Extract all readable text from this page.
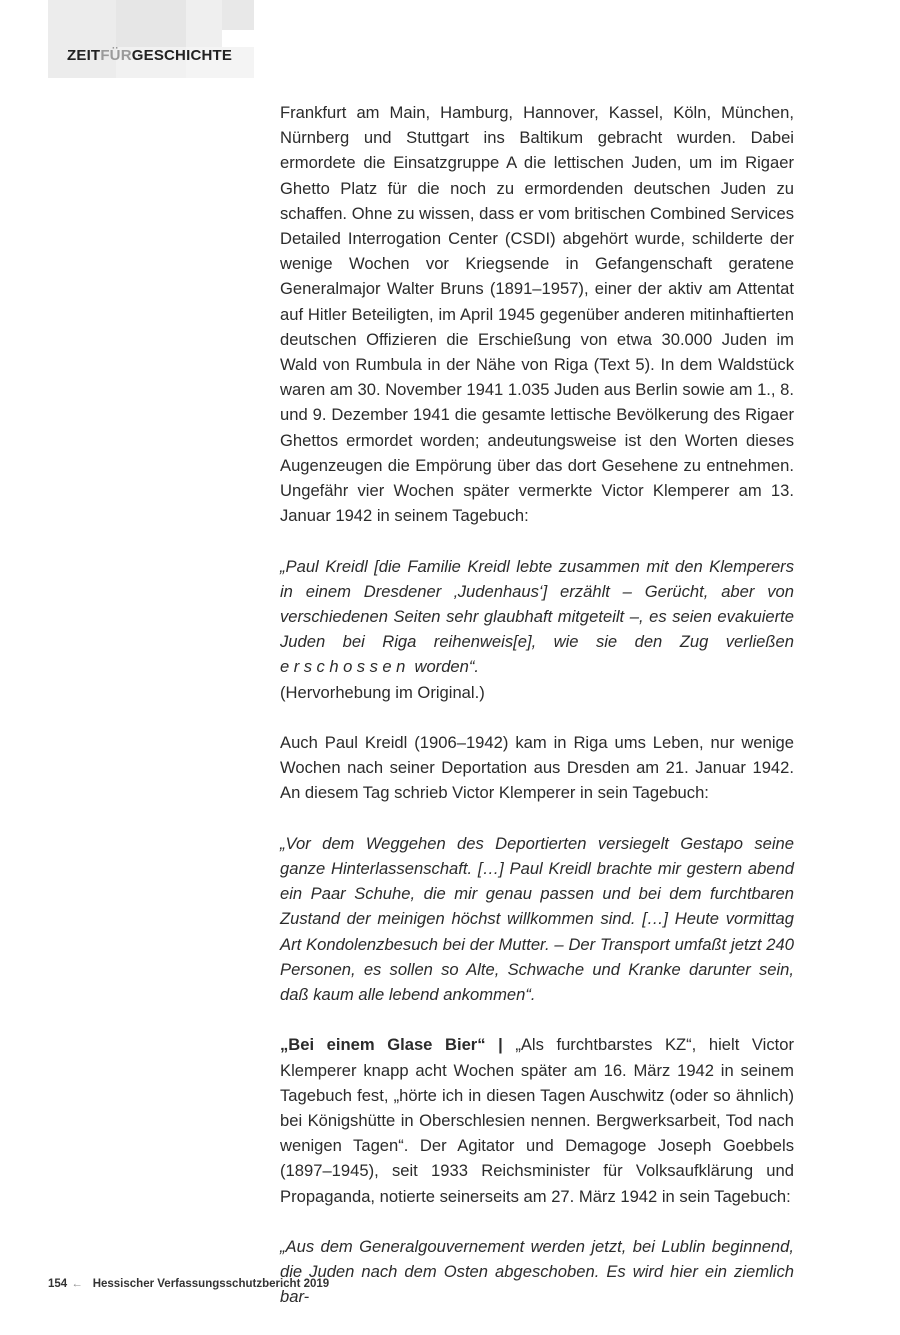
ZEITFÜRGESCHICHTE

Frankfurt am Main, Hamburg, Hannover, Kassel, Köln, München, Nürnberg und Stuttgart ins Baltikum gebracht wurden. Dabei ermordete die Einsatzgruppe A die lettischen Juden, um im Rigaer Ghetto Platz für die noch zu ermordenden deutschen Juden zu schaffen. Ohne zu wissen, dass er vom britischen Combined Services Detailed Interrogation Center (CSDI) abgehört wurde, schilderte der wenige Wochen vor Kriegsende in Gefangenschaft geratene Generalmajor Walter Bruns (1891–1957), einer der aktiv am Attentat auf Hitler Beteiligten, im April 1945 gegenüber anderen mitinhaftierten deutschen Offizieren die Erschießung von etwa 30.000 Juden im Wald von Rumbula in der Nähe von Riga (Text 5). In dem Waldstück waren am 30. November 1941 1.035 Juden aus Berlin sowie am 1., 8. und 9. Dezember 1941 die gesamte lettische Bevölkerung des Rigaer Ghettos ermordet worden; andeutungsweise ist den Worten dieses Augenzeugen die Empörung über das dort Gesehene zu entnehmen. Ungefähr vier Wochen später vermerkte Victor Klemperer am 13. Januar 1942 in seinem Tagebuch:

„Paul Kreidl [die Familie Kreidl lebte zusammen mit den Klemperers in einem Dresdener ‚Judenhaus‘] erzählt – Gerücht, aber von verschiedenen Seiten sehr glaubhaft mitgeteilt –, es seien evakuierte Juden bei Riga reihenweis[e], wie sie den Zug verließen erschossen worden“.
(Hervorhebung im Original.)

Auch Paul Kreidl (1906–1942) kam in Riga ums Leben, nur wenige Wochen nach seiner Deportation aus Dresden am 21. Januar 1942. An diesem Tag schrieb Victor Klemperer in sein Tagebuch:

„Vor dem Weggehen des Deportierten versiegelt Gestapo seine ganze Hinterlassenschaft. […] Paul Kreidl brachte mir gestern abend ein Paar Schuhe, die mir genau passen und bei dem furchtbaren Zustand der meinigen höchst willkommen sind. […] Heute vormittag Art Kondolenzbesuch bei der Mutter. – Der Transport umfaßt jetzt 240 Personen, es sollen so Alte, Schwache und Kranke darunter sein, daß kaum alle lebend ankommen“.

„Bei einem Glase Bier“ | „Als furchtbarstes KZ“, hielt Victor Klemperer knapp acht Wochen später am 16. März 1942 in seinem Tagebuch fest, „hörte ich in diesen Tagen Auschwitz (oder so ähnlich) bei Königshütte in Oberschlesien nennen. Bergwerksarbeit, Tod nach wenigen Tagen“. Der Agitator und Demagoge Joseph Goebbels (1897–1945), seit 1933 Reichsminister für Volksaufklärung und Propaganda, notierte seinerseits am 27. März 1942 in sein Tagebuch:

„Aus dem Generalgouvernement werden jetzt, bei Lublin beginnend, die Juden nach dem Osten abgeschoben. Es wird hier ein ziemlich bar-

154 ← Hessischer Verfassungsschutzbericht 2019
